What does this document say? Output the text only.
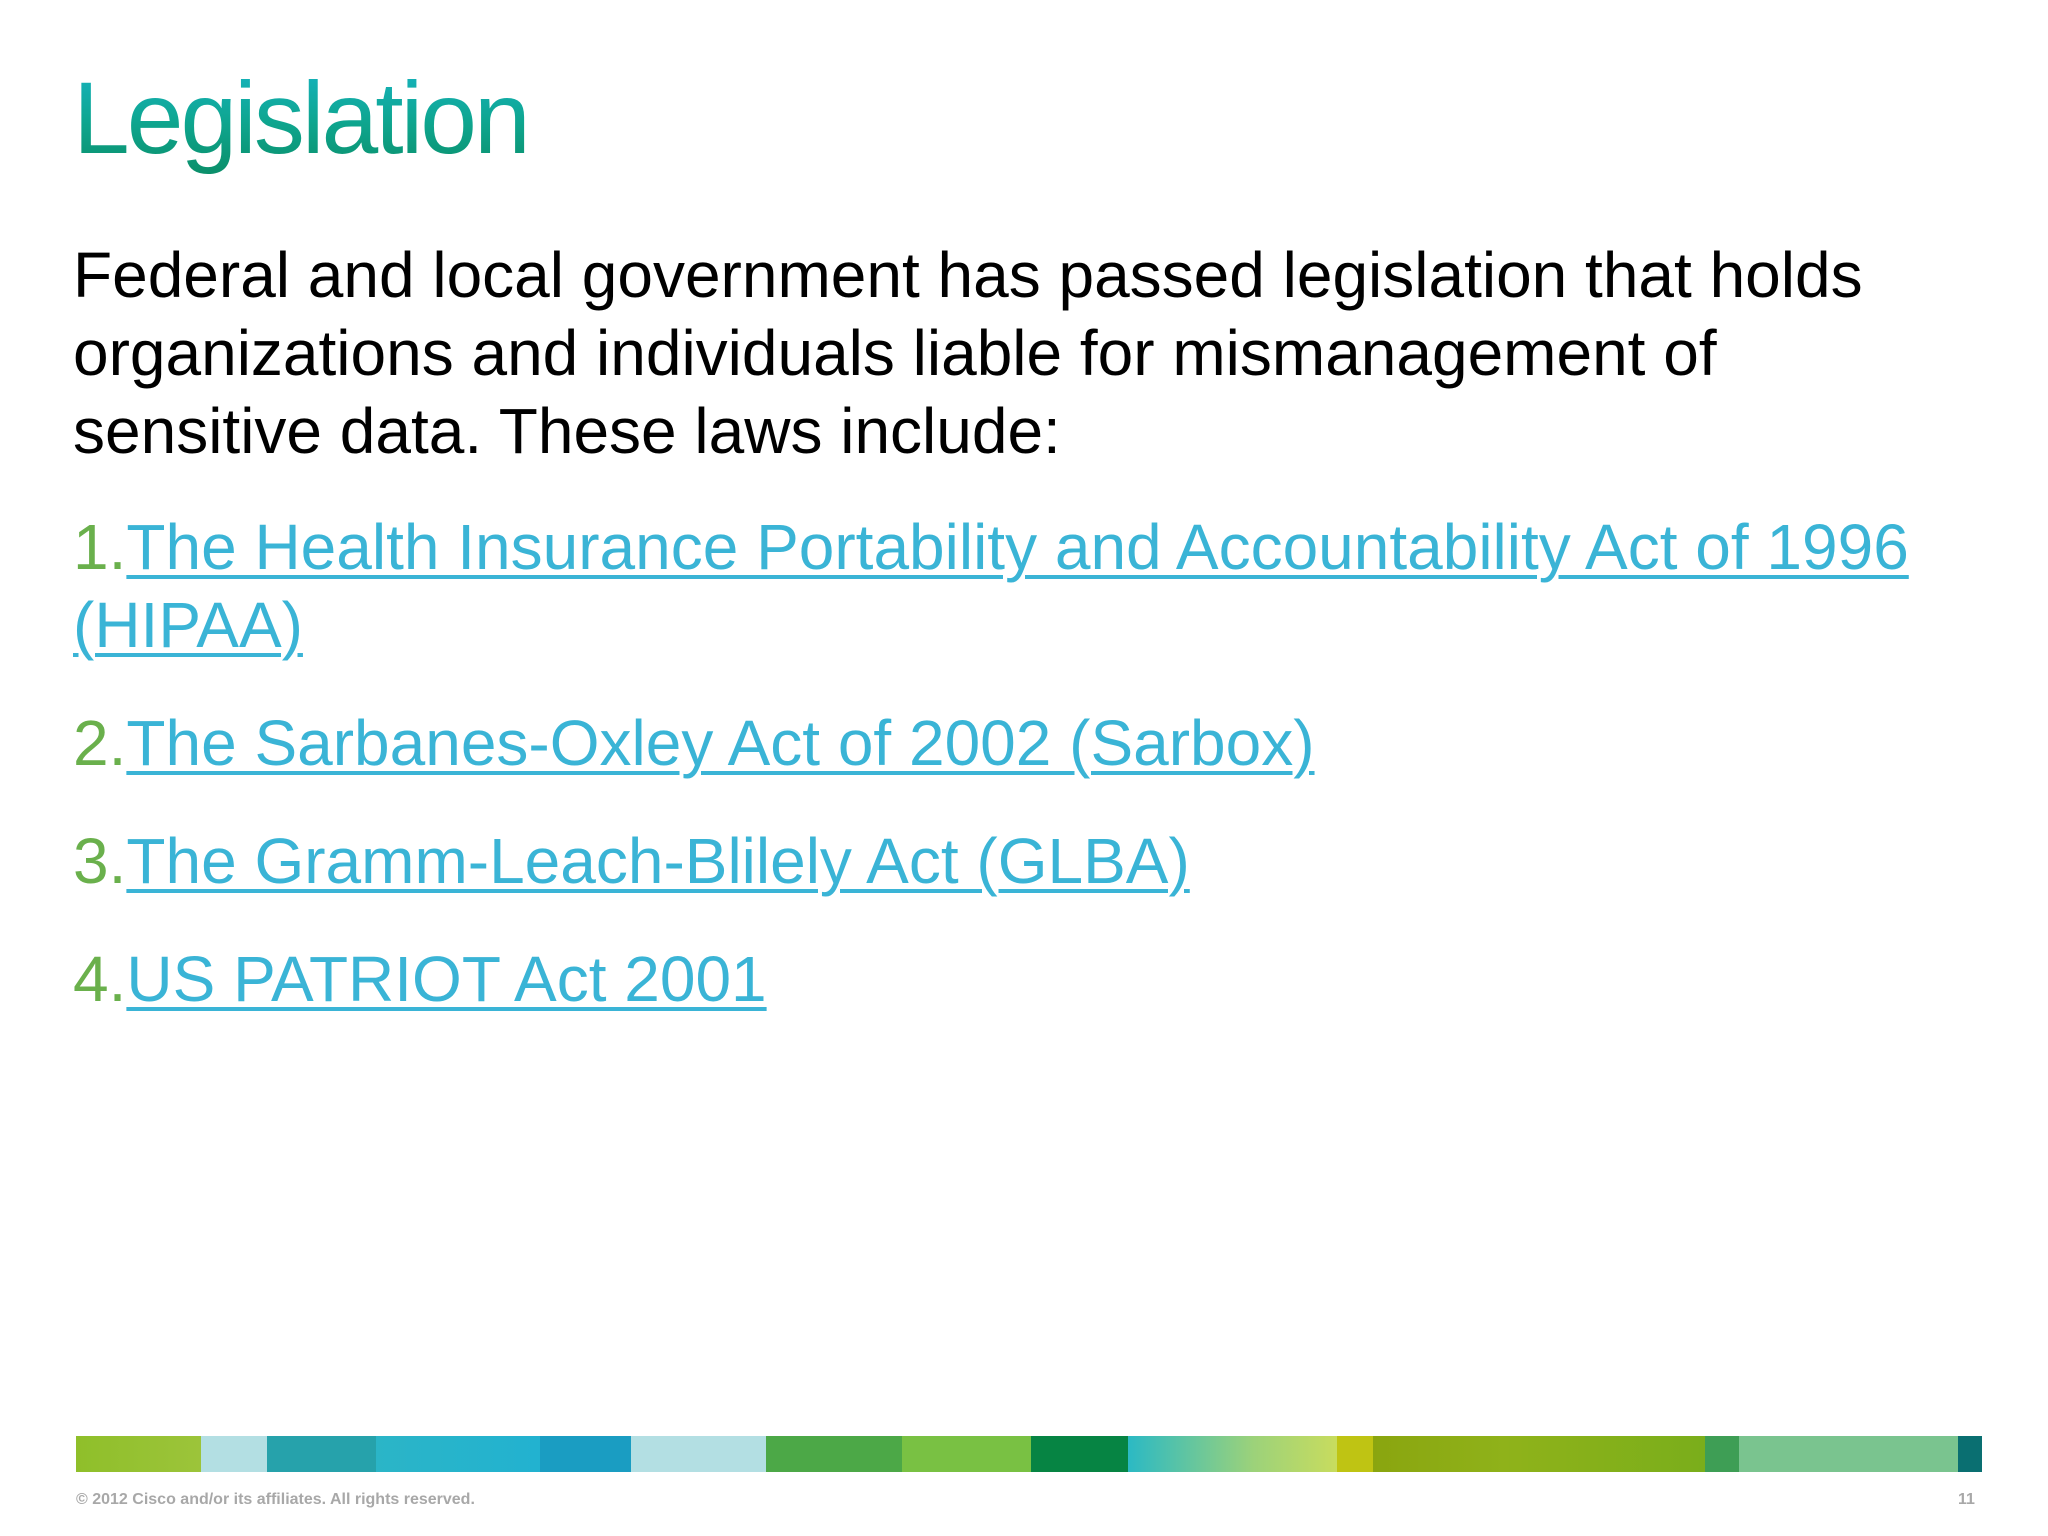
Legislation
Federal and local government has passed legislation that holds organizations and individuals liable for mismanagement of sensitive data. These laws include:
1.The Health Insurance Portability and Accountability Act of 1996 (HIPAA)
2.The Sarbanes-Oxley Act of 2002 (Sarbox)
3.The Gramm-Leach-Blilely Act (GLBA)
4.US PATRIOT Act 2001
© 2012 Cisco and/or its affiliates. All rights reserved.	11
